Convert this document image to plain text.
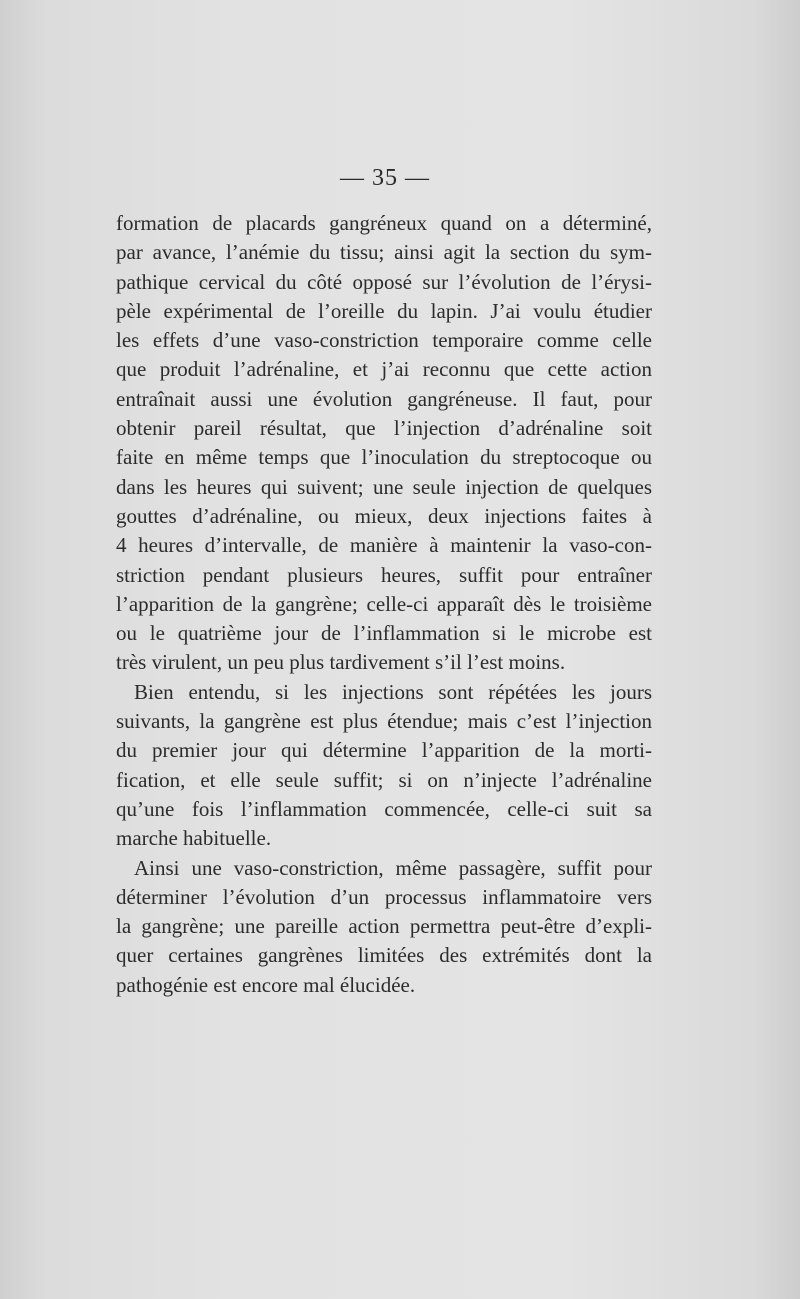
— 35 —
formation de placards gangréneux quand on a déterminé,
par avance, l’anémie du tissu; ainsi agit la section du sym-
pathique cervical du côté opposé sur l’évolution de l’érysi-
pèle expérimental de l’oreille du lapin. J’ai voulu étudier
les effets d’une vaso-constriction temporaire comme celle
que produit l’adrénaline, et j’ai reconnu que cette action
entraînait aussi une évolution gangréneuse. Il faut, pour
obtenir pareil résultat, que l’injection d’adrénaline soit
faite en même temps que l’inoculation du streptocoque ou
dans les heures qui suivent; une seule injection de quelques
gouttes d’adrénaline, ou mieux, deux injections faites à
4 heures d’intervalle, de manière à maintenir la vaso-con-
striction pendant plusieurs heures, suffit pour entraîner
l’apparition de la gangrène; celle-ci apparaît dès le troisième
ou le quatrième jour de l’inflammation si le microbe est
très virulent, un peu plus tardivement s’il l’est moins.
Bien entendu, si les injections sont répétées les jours
suivants, la gangrène est plus étendue; mais c’est l’injection
du premier jour qui détermine l’apparition de la morti-
fication, et elle seule suffit; si on n’injecte l’adrénaline
qu’une fois l’inflammation commencée, celle-ci suit sa
marche habituelle.
Ainsi une vaso-constriction, même passagère, suffit pour
déterminer l’évolution d’un processus inflammatoire vers
la gangrène; une pareille action permettra peut-être d’expli-
quer certaines gangrènes limitées des extrémités dont la
pathogénie est encore mal élucidée.
